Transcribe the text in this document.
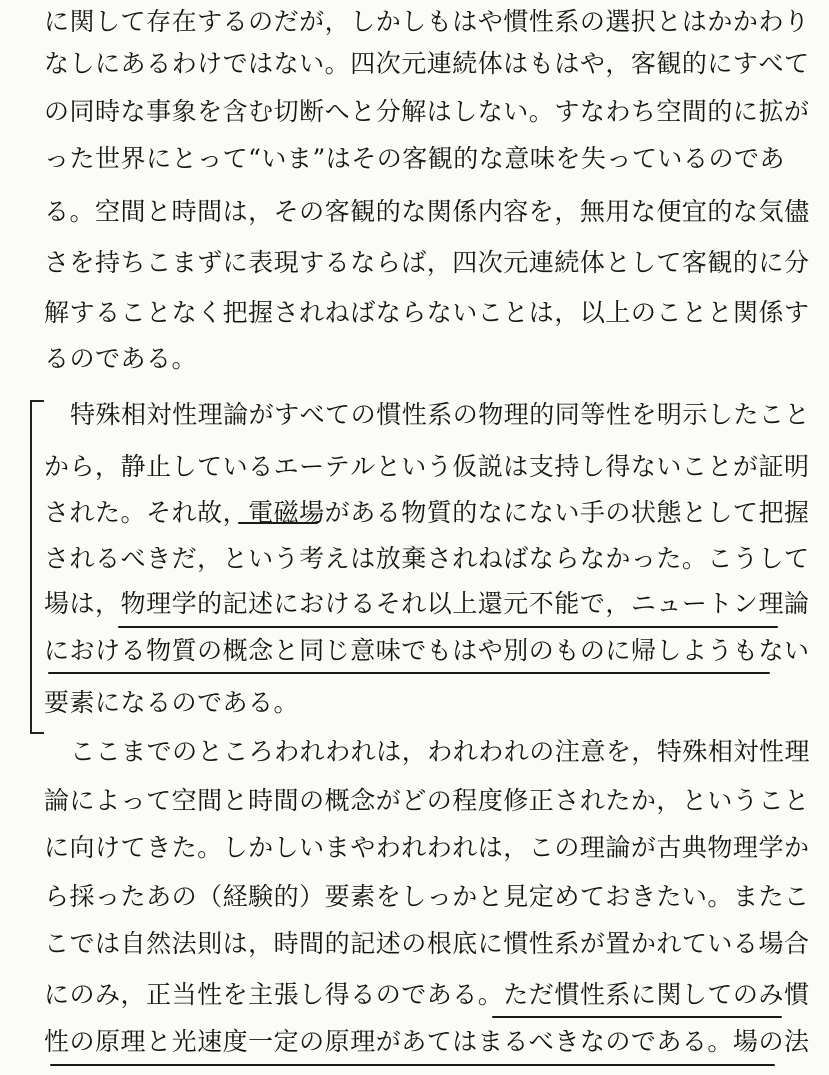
に 関 し て 存 在 す る の だ が ， し か し も は や 慣 性 系 の 選 択 と は か か わ り
な し に あ る わ け で は な い 。 四 次 元 連 続 体 は も は や ， 客 観 的 に す べ て
の 同 時 な 事 象 を 含 む 切 断 へ と 分 解 は し な い 。 す な わ ち 空 間 的 に 拡 が
っ た 世 界 に と っ て “ い ま ” は そ の 客 観 的 な 意 味 を 失 っ て い る の で あ
る 。 空 間 と 時 間 は ， そ の 客 観 的 な 関 係 内 容 を ， 無 用 な 便 宜 的 な 気 儘
さ を 持 ち こ ま ず に 表 現 す る な ら ば ， 四 次 元 連 続 体 と し て 客 観 的 に 分
解 す る こ と な く 把 握 さ れ ね ば な ら な い こ と は ， 以 上 の こ と と 関 係 す
るのである。
特 殊 相 対 性 理 論 が す べ て の 慣 性 系 の 物 理 的 同 等 性 を 明 示 し た こ と
か ら ， 静 止 し て い る エ ー テ ル と い う 仮 説 は 支 持 し 得 な い こ と が 証 明
さ れ た 。 そ れ 故 ， 電 磁 場 が あ る 物 質 的 な に な い 手 の 状 態 と し て 把 握
さ れ る べ き だ ， と い う 考 え は 放 棄 さ れ ね ば な ら な か っ た 。 こ う し て
場 は ， 物 理 学 的 記 述 に お け る そ れ 以 上 還 元 不 能 で ， ニ ュ ー ト ン 理 論
に お け る 物 質 の 概 念 と 同 じ 意 味 で も は や 別 の も の に 帰 し よ う も な い
要素になるのである。
こ こ ま で の と こ ろ わ れ わ れ は ， わ れ わ れ の 注 意 を ， 特 殊 相 対 性 理
論 に よ っ て 空 間 と 時 間 の 概 念 が ど の 程 度 修 正 さ れ た か ， と い う こ と
に 向 け て き た 。 し か し い ま や わ れ わ れ は ， こ の 理 論 が 古 典 物 理 学 か
ら 採 っ た あ の （ 経 験 的 ） 要 素 を し っ か と 見 定 め て お き た い 。 ま た こ
こ で は 自 然 法 則 は ， 時 間 的 記 述 の 根 底 に 慣 性 系 が 置 か れ て い る 場 合
に の み ， 正 当 性 を 主 張 し 得 る の で あ る 。 た だ 慣 性 系 に 関 し て の み 慣
性 の 原 理 と 光 速 度 一 定 の 原 理 が あ て は ま る べ き な の で あ る 。 場 の 法
